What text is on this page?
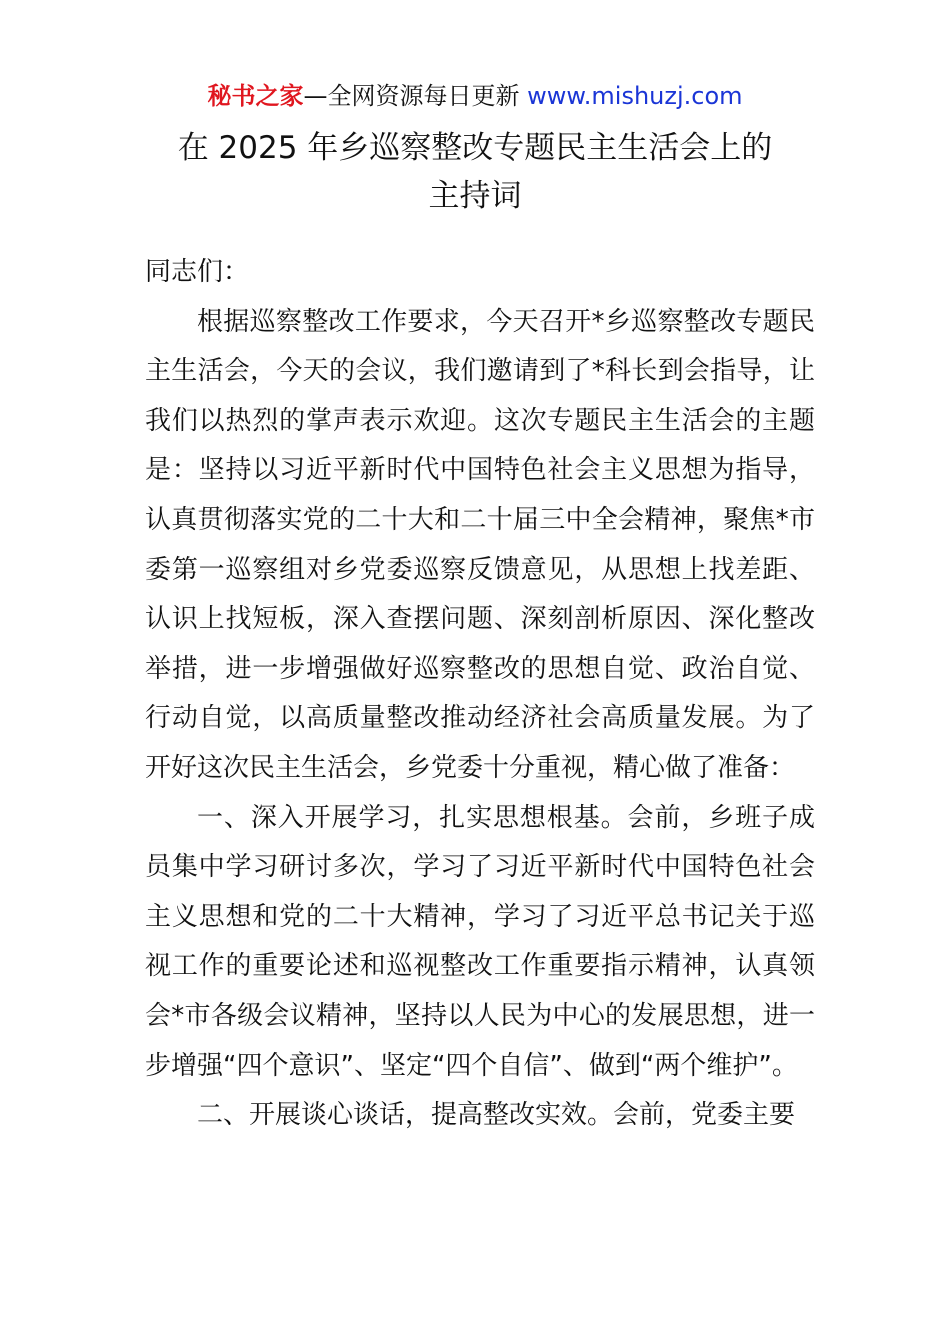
秘书之家—全网资源每日更新 www.mishuzj.com
在 2025 年乡巡察整改专题民主生活会上的
主持词

同志们：

根据巡察整改工作要求，今天召开*乡巡察整改专题民主生活会，今天的会议，我们邀请到了*科长到会指导，让我们以热烈的掌声表示欢迎。这次专题民主生活会的主题是：坚持以习近平新时代中国特色社会主义思想为指导，认真贯彻落实党的二十大和二十届三中全会精神，聚焦*市委第一巡察组对乡党委巡察反馈意见，从思想上找差距、认识上找短板，深入查摆问题、深刻剖析原因、深化整改举措，进一步增强做好巡察整改的思想自觉、政治自觉、行动自觉，以高质量整改推动经济社会高质量发展。为了开好这次民主生活会，乡党委十分重视，精心做了准备：

一、深入开展学习，扎实思想根基。会前，乡班子成员集中学习研讨多次，学习了习近平新时代中国特色社会主义思想和党的二十大精神，学习了习近平总书记关于巡视工作的重要论述和巡视整改工作重要指示精神，认真领会*市各级会议精神，坚持以人民为中心的发展思想，进一步增强“四个意识”、坚定“四个自信”、做到“两个维护”。

二、开展谈心谈话，提高整改实效。会前，党委主要
